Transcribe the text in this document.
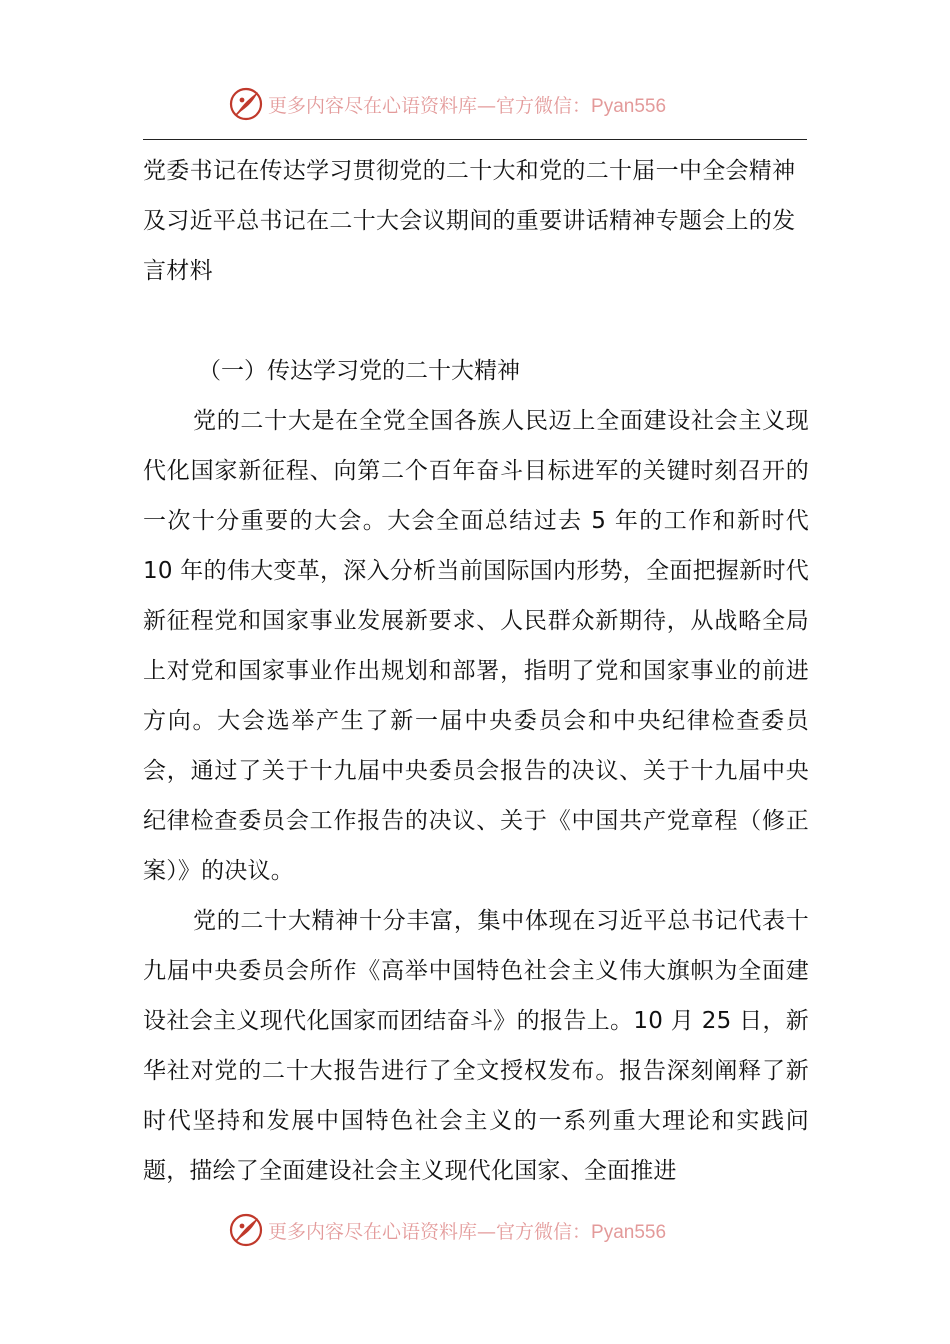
更多内容尽在心语资料库—官方微信：Pyan556

党委书记在传达学习贯彻党的二十大和党的二十届一中全会精神及习近平总书记在二十大会议期间的重要讲话精神专题会上的发言材料

（一）传达学习党的二十大精神

党的二十大是在全党全国各族人民迈上全面建设社会主义现代化国家新征程、向第二个百年奋斗目标进军的关键时刻召开的一次十分重要的大会。大会全面总结过去 5 年的工作和新时代 10 年的伟大变革，深入分析当前国际国内形势，全面把握新时代新征程党和国家事业发展新要求、人民群众新期待，从战略全局上对党和国家事业作出规划和部署，指明了党和国家事业的前进方向。大会选举产生了新一届中央委员会和中央纪律检查委员会，通过了关于十九届中央委员会报告的决议、关于十九届中央纪律检查委员会工作报告的决议、关于《中国共产党章程（修正案）》的决议。

党的二十大精神十分丰富，集中体现在习近平总书记代表十九届中央委员会所作《高举中国特色社会主义伟大旗帜为全面建设社会主义现代化国家而团结奋斗》的报告上。10 月 25 日，新华社对党的二十大报告进行了全文授权发布。报告深刻阐释了新时代坚持和发展中国特色社会主义的一系列重大理论和实践问题，描绘了全面建设社会主义现代化国家、全面推进

更多内容尽在心语资料库—官方微信：Pyan556
